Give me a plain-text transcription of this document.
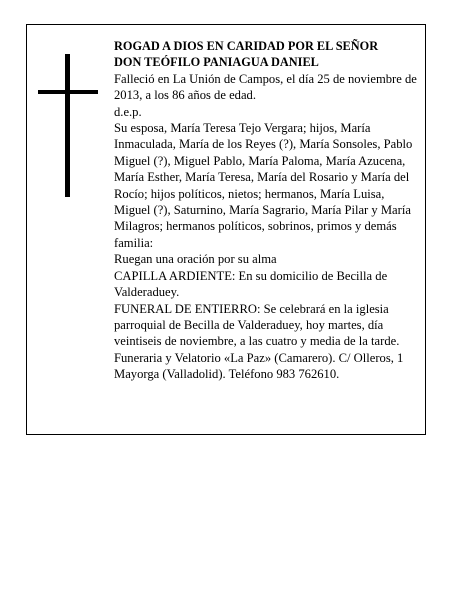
ROGAD A DIOS EN CARIDAD POR EL SEÑOR

DON TEÓFILO PANIAGUA DANIEL

Falleció en La Unión de Campos, el día 25 de noviembre de 2013, a los 86 años de edad.

d.e.p.

Su esposa, María Teresa Tejo Vergara; hijos, María Inmaculada, María de los Reyes (?), María Sonsoles, Pablo Miguel (?), Miguel Pablo, María Paloma, María Azucena, María Esther, María Teresa, María del Rosario y María del Rocío; hijos políticos, nietos; hermanos, María Luisa, Miguel (?), Saturnino, María Sagrario, María Pilar y María Milagros; hermanos políticos, sobrinos, primos y demás familia:

Ruegan una oración por su alma

CAPILLA ARDIENTE: En su domicilio de Becilla de Valderaduey.

FUNERAL DE ENTIERRO: Se celebrará en la iglesia parroquial de Becilla de Valderaduey, hoy martes, día veintiseis de noviembre, a las cuatro y media de la tarde.

Funeraria y Velatorio «La Paz» (Camarero). C/ Olleros, 1 Mayorga (Valladolid). Teléfono 983 762610.
